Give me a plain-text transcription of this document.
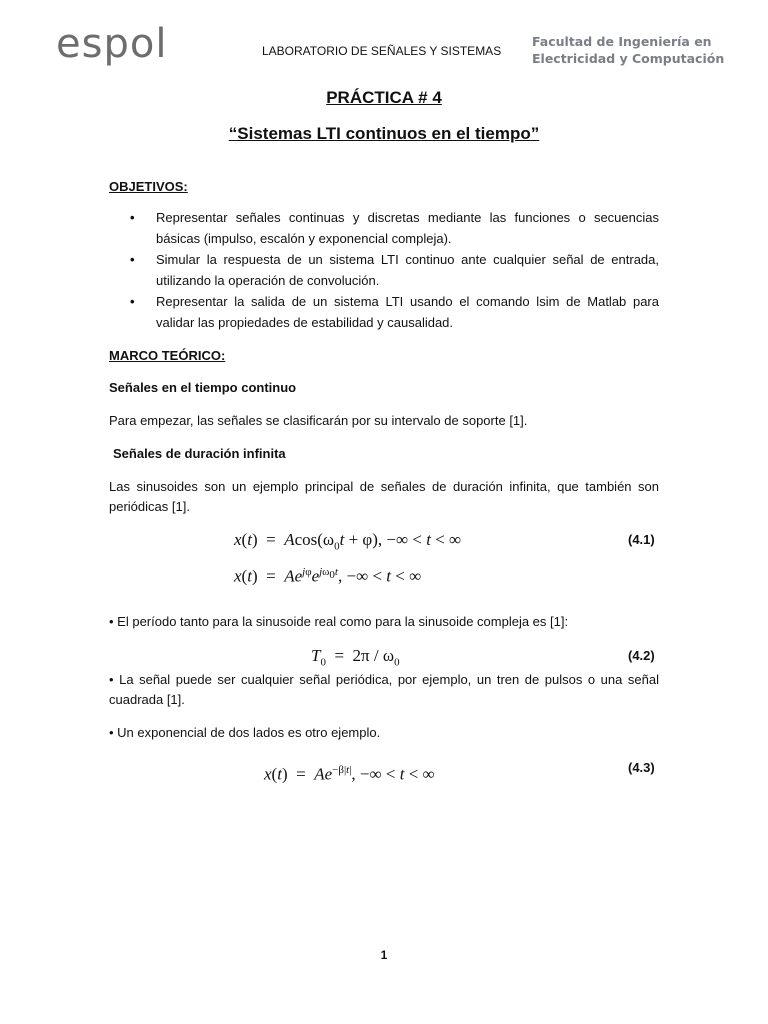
espol	LABORATORIO DE SEÑALES Y SISTEMAS
Facultad de Ingeniería en
Electricidad y Computación
PRÁCTICA # 4
“Sistemas LTI continuos en el tiempo”
OBJETIVOS:
• Representar señales continuas y discretas mediante las funciones o secuencias básicas (impulso, escalón y exponencial compleja).
• Simular la respuesta de un sistema LTI continuo ante cualquier señal de entrada, utilizando la operación de convolución.
• Representar la salida de un sistema LTI usando el comando lsim de Matlab para validar las propiedades de estabilidad y causalidad.
MARCO TEÓRICO:
Señales en el tiempo continuo
Para empezar, las señales se clasificarán por su intervalo de soporte [1].
Señales de duración infinita
Las sinusoides son un ejemplo principal de señales de duración infinita, que también son periódicas [1].
$x(t) = Acos(\omega_0t + \varphi)$, −∞ < t < ∞	(4.1)
$x(t) = Ae^{j\varphi}e^{j\omega_0t}$, −∞ < t < ∞
• El período tanto para la sinusoide real como para la sinusoide compleja es [1]:
$T_0 = 2\pi / \omega_0$	(4.2)
• La señal puede ser cualquier señal periódica, por ejemplo, un tren de pulsos o una señal cuadrada [1].
• Un exponencial de dos lados es otro ejemplo.
$x(t) = Ae^{-\beta|t|}$, −∞ < t < ∞	(4.3)
1
